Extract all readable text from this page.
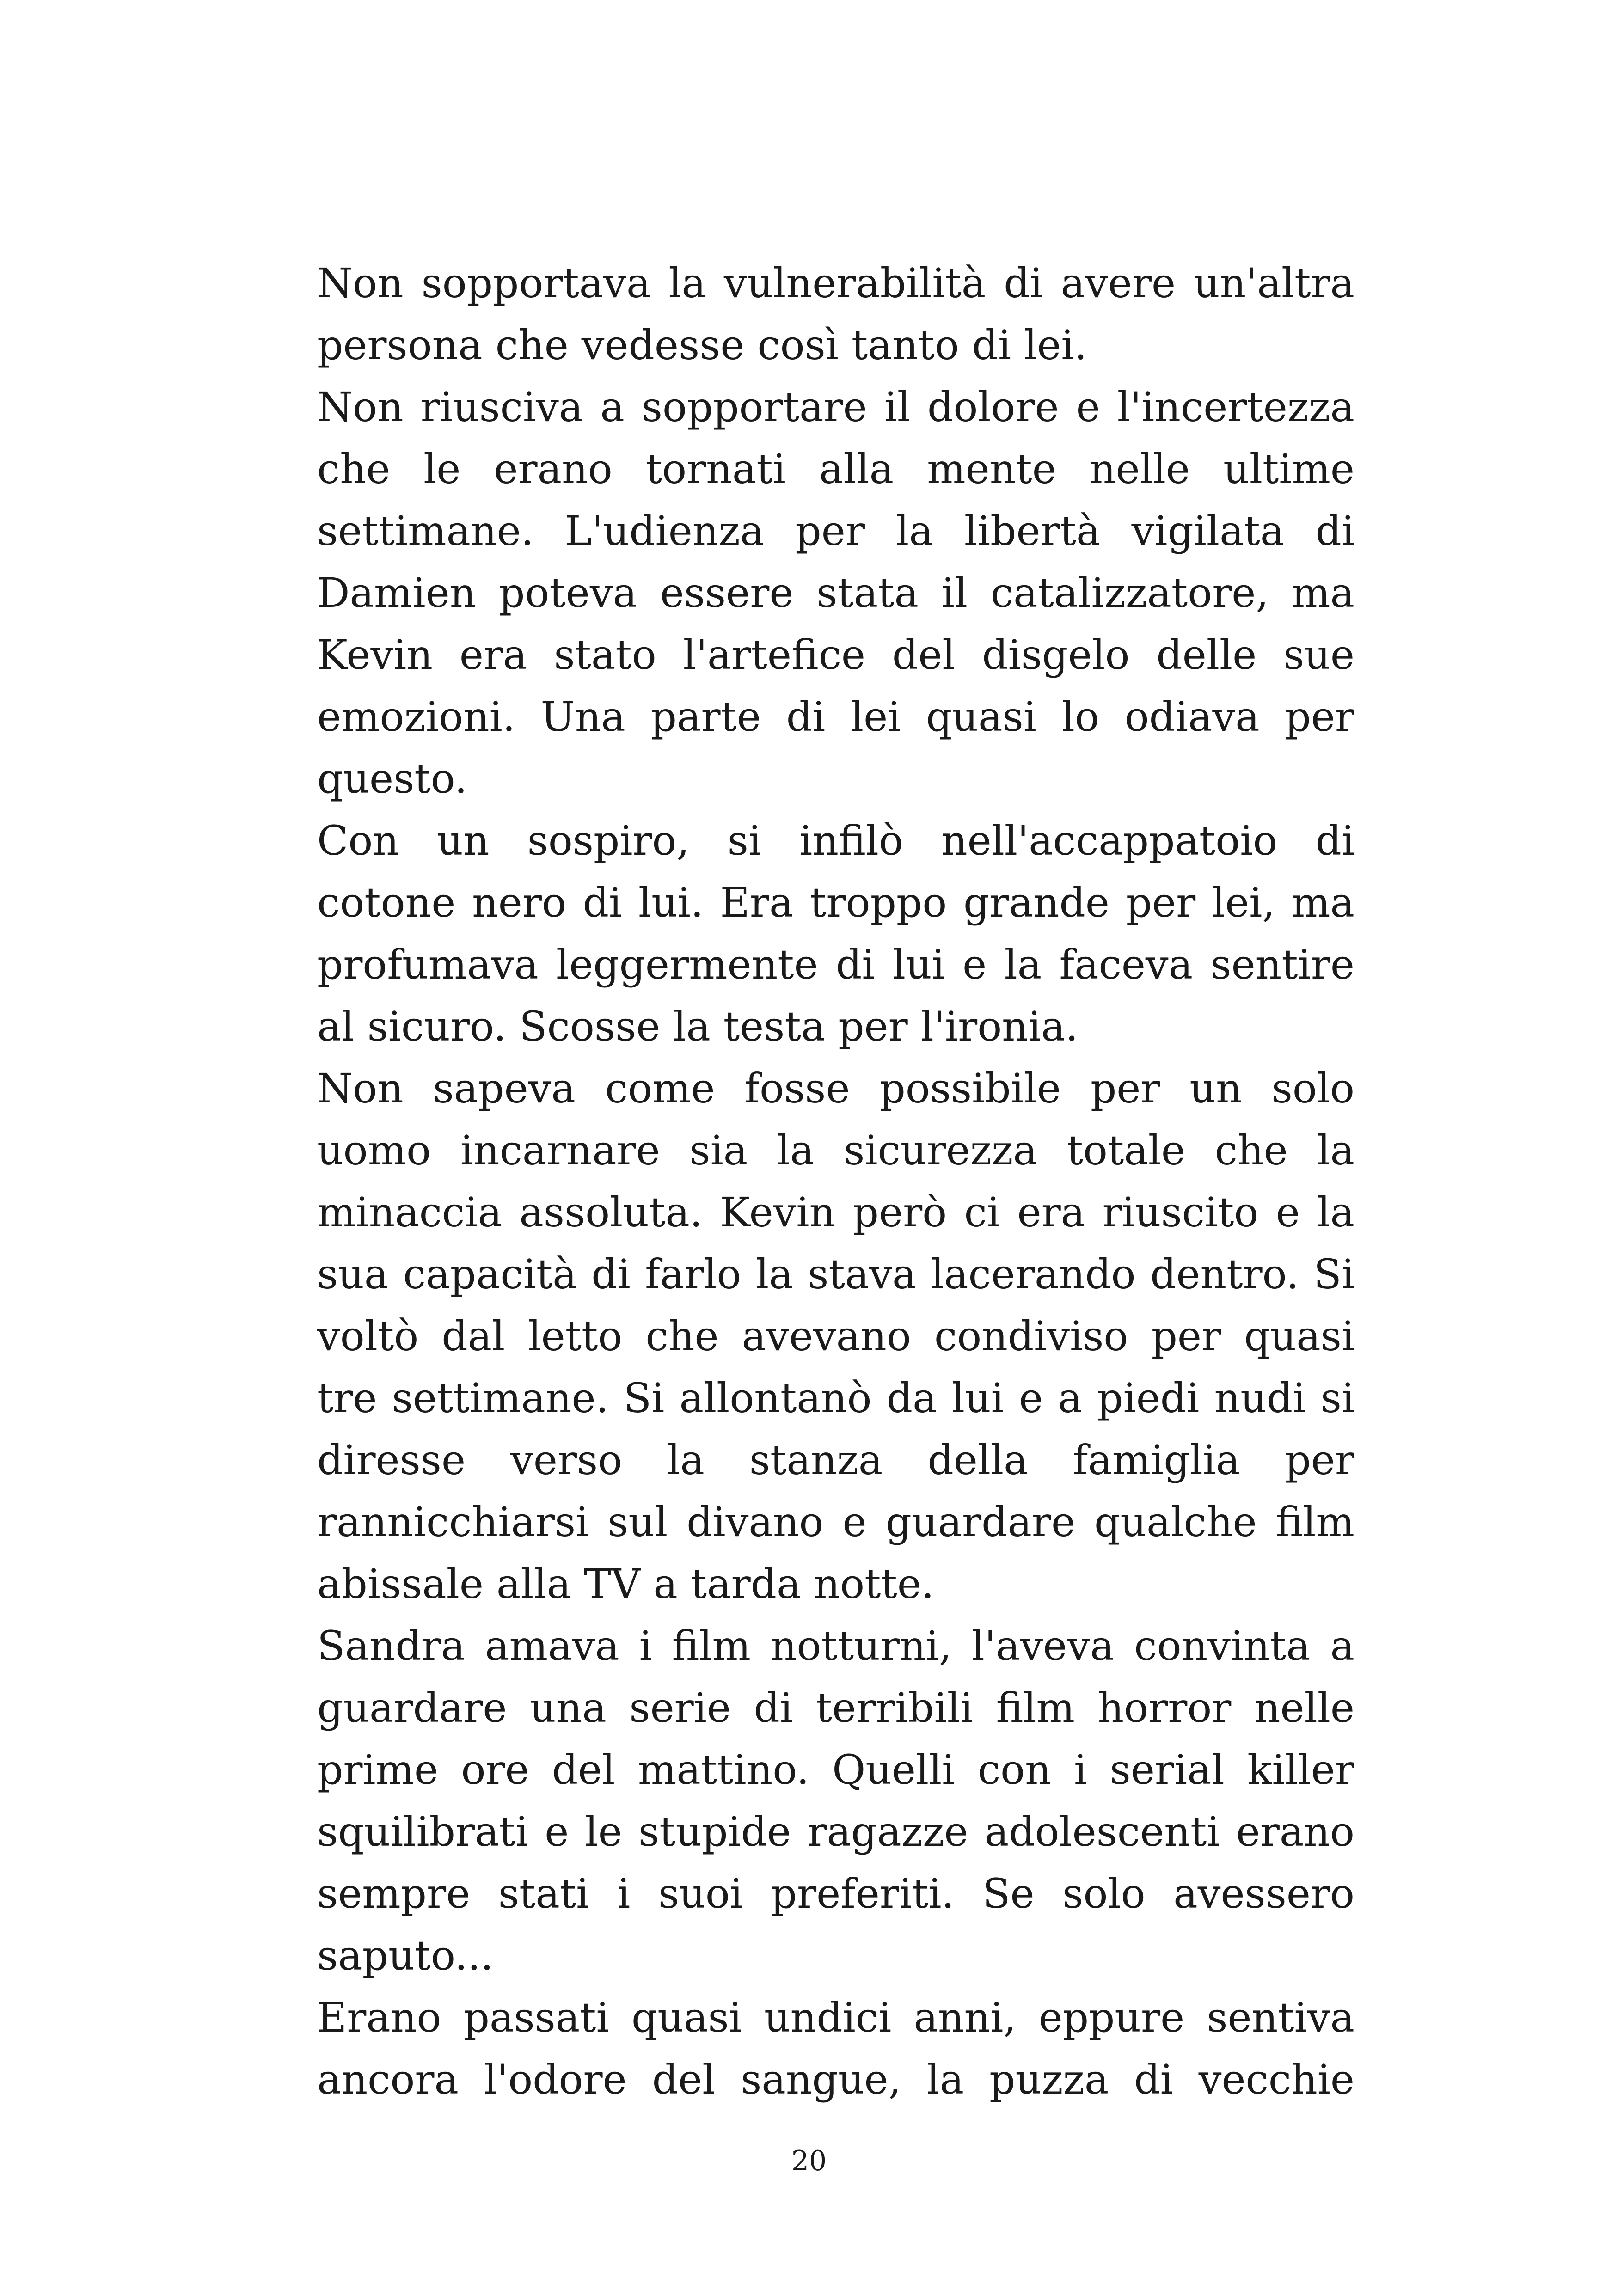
Non sopportava la vulnerabilità di avere un'altra persona che vedesse così tanto di lei.

Non riusciva a sopportare il dolore e l'incertezza che le erano tornati alla mente nelle ultime settimane. L'udienza per la libertà vigilata di Damien poteva essere stata il catalizzatore, ma Kevin era stato l'artefice del disgelo delle sue emozioni. Una parte di lei quasi lo odiava per questo.

Con un sospiro, si infilò nell'accappatoio di cotone nero di lui. Era troppo grande per lei, ma profumava leggermente di lui e la faceva sentire al sicuro. Scosse la testa per l'ironia.

Non sapeva come fosse possibile per un solo uomo incarnare sia la sicurezza totale che la minaccia assoluta. Kevin però ci era riuscito e la sua capacità di farlo la stava lacerando dentro. Si voltò dal letto che avevano condiviso per quasi tre settimane. Si allontanò da lui e a piedi nudi si diresse verso la stanza della famiglia per rannicchiarsi sul divano e guardare qualche film abissale alla TV a tarda notte.

Sandra amava i film notturni, l'aveva convinta a guardare una serie di terribili film horror nelle prime ore del mattino. Quelli con i serial killer squilibrati e le stupide ragazze adolescenti erano sempre stati i suoi preferiti. Se solo avessero saputo...

Erano passati quasi undici anni, eppure sentiva ancora l'odore del sangue, la puzza di vecchie

20
